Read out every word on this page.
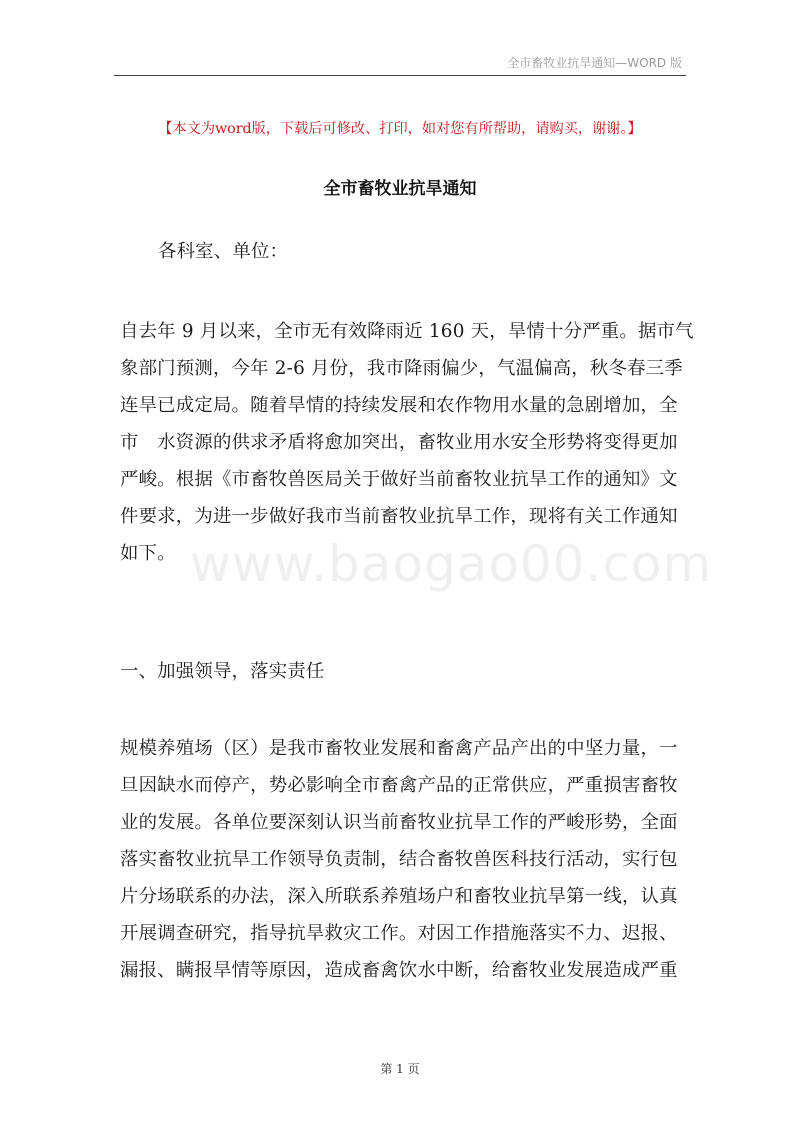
全市畜牧业抗旱通知—WORD 版
【本文为word版，下载后可修改、打印，如对您有所帮助，请购买，谢谢。】
全市畜牧业抗旱通知
各科室、单位：
自去年 9 月以来，全市无有效降雨近 160 天，旱情十分严重。据市气
象部门预测，今年 2-6 月份，我市降雨偏少，气温偏高，秋冬春三季
连旱已成定局。随着旱情的持续发展和农作物用水量的急剧增加，全
市　水资源的供求矛盾将愈加突出，畜牧业用水安全形势将变得更加
严峻。根据《市畜牧兽医局关于做好当前畜牧业抗旱工作的通知》文
件要求，为进一步做好我市当前畜牧业抗旱工作，现将有关工作通知
如下。
一、加强领导，落实责任
规模养殖场（区）是我市畜牧业发展和畜禽产品产出的中坚力量，一
旦因缺水而停产，势必影响全市畜禽产品的正常供应，严重损害畜牧
业的发展。各单位要深刻认识当前畜牧业抗旱工作的严峻形势，全面
落实畜牧业抗旱工作领导负责制，结合畜牧兽医科技行活动，实行包
片分场联系的办法，深入所联系养殖场户和畜牧业抗旱第一线，认真
开展调查研究，指导抗旱救灾工作。对因工作措施落实不力、迟报、
漏报、瞒报旱情等原因，造成畜禽饮水中断，给畜牧业发展造成严重
www.baogao00.com
第 1 页
